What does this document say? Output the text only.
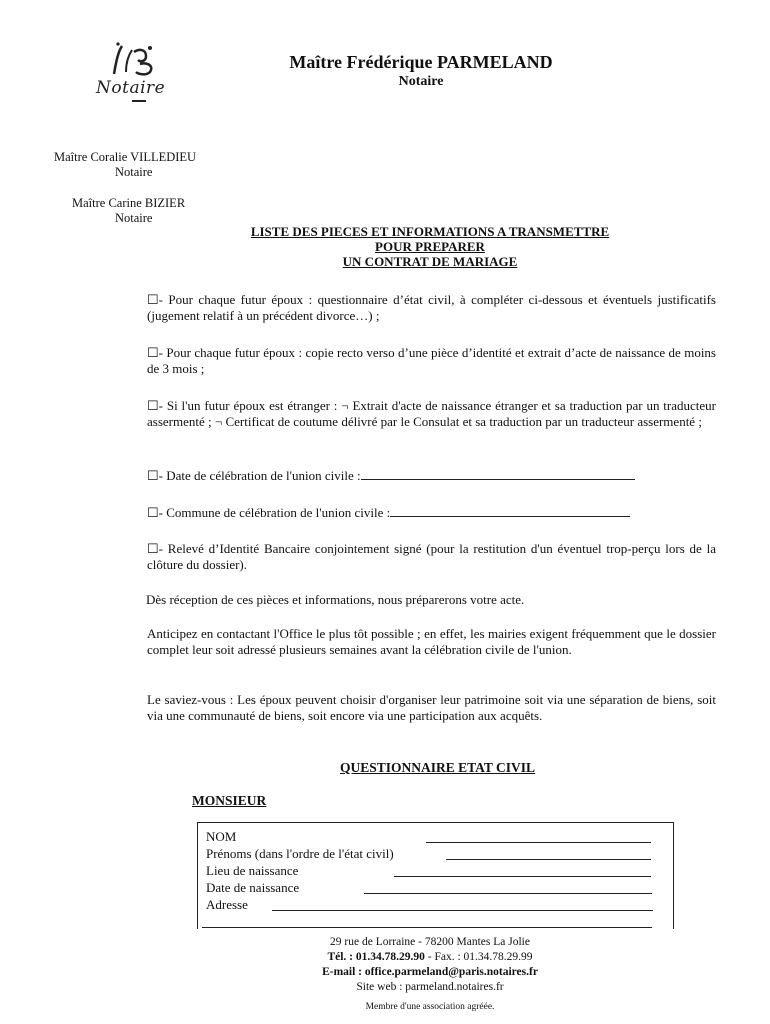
Notaire
Maître Frédérique PARMELAND
Notaire
Maître Coralie VILLEDIEU
Notaire
Maître Carine BIZIER
Notaire
LISTE DES PIECES ET INFORMATIONS A TRANSMETTRE
POUR PREPARER
UN CONTRAT DE MARIAGE
☐- Pour chaque futur époux : questionnaire d’état civil, à compléter ci-dessous et éventuels justificatifs (jugement relatif à un précédent divorce…) ;
☐- Pour chaque futur époux : copie recto verso d’une pièce d’identité et extrait d’acte de naissance de moins de 3 mois ;
☐- Si l'un futur époux est étranger : ¬ Extrait d'acte de naissance étranger et sa traduction par un traducteur assermenté ; ¬ Certificat de coutume délivré par le Consulat et sa traduction par un traducteur assermenté ;
☐- Date de célébration de l'union civile :
☐- Commune de célébration de l'union civile :
☐- Relevé d’Identité Bancaire conjointement signé (pour la restitution d'un éventuel trop-perçu lors de la clôture du dossier).
Dès réception de ces pièces et informations, nous préparerons votre acte.
Anticipez en contactant l'Office le plus tôt possible ; en effet, les mairies exigent fréquemment que le dossier complet leur soit adressé plusieurs semaines avant la célébration civile de l'union.
Le saviez-vous : Les époux peuvent choisir d'organiser leur patrimoine soit via une séparation de biens, soit via une communauté de biens, soit encore via une participation aux acquêts.
QUESTIONNAIRE ETAT CIVIL
MONSIEUR
NOM
Prénoms (dans l'ordre de l'état civil)
Lieu de naissance
Date de naissance
Adresse
29 rue de Lorraine - 78200 Mantes La Jolie
Tél. : 01.34.78.29.90 - Fax. : 01.34.78.29.99
E-mail : office.parmeland@paris.notaires.fr
Site web : parmeland.notaires.fr
Membre d'une association agréée.
